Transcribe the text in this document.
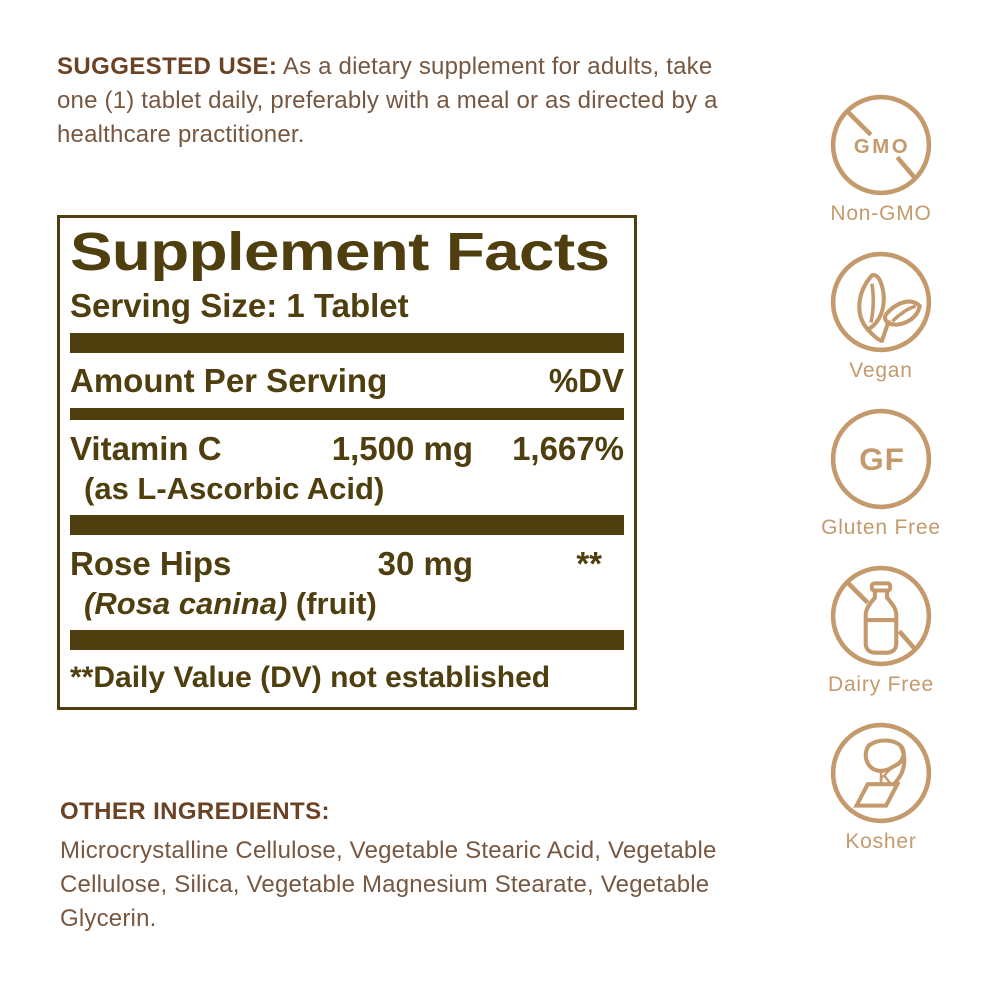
SUGGESTED USE: As a dietary supplement for adults, take one (1) tablet daily, preferably with a meal or as directed by a healthcare practitioner.
Supplement Facts
Serving Size: 1 Tablet
Amount Per Serving	%DV
Vitamin C	1,500 mg	1,667%
(as L-Ascorbic Acid)
Rose Hips	30 mg	**
(Rosa canina) (fruit)
**Daily Value (DV) not established
OTHER INGREDIENTS:
Microcrystalline Cellulose, Vegetable Stearic Acid, Vegetable Cellulose, Silica, Vegetable Magnesium Stearate, Vegetable Glycerin.
GMO
Non-GMO
Vegan
GF
Gluten Free
Dairy Free
K
Kosher
